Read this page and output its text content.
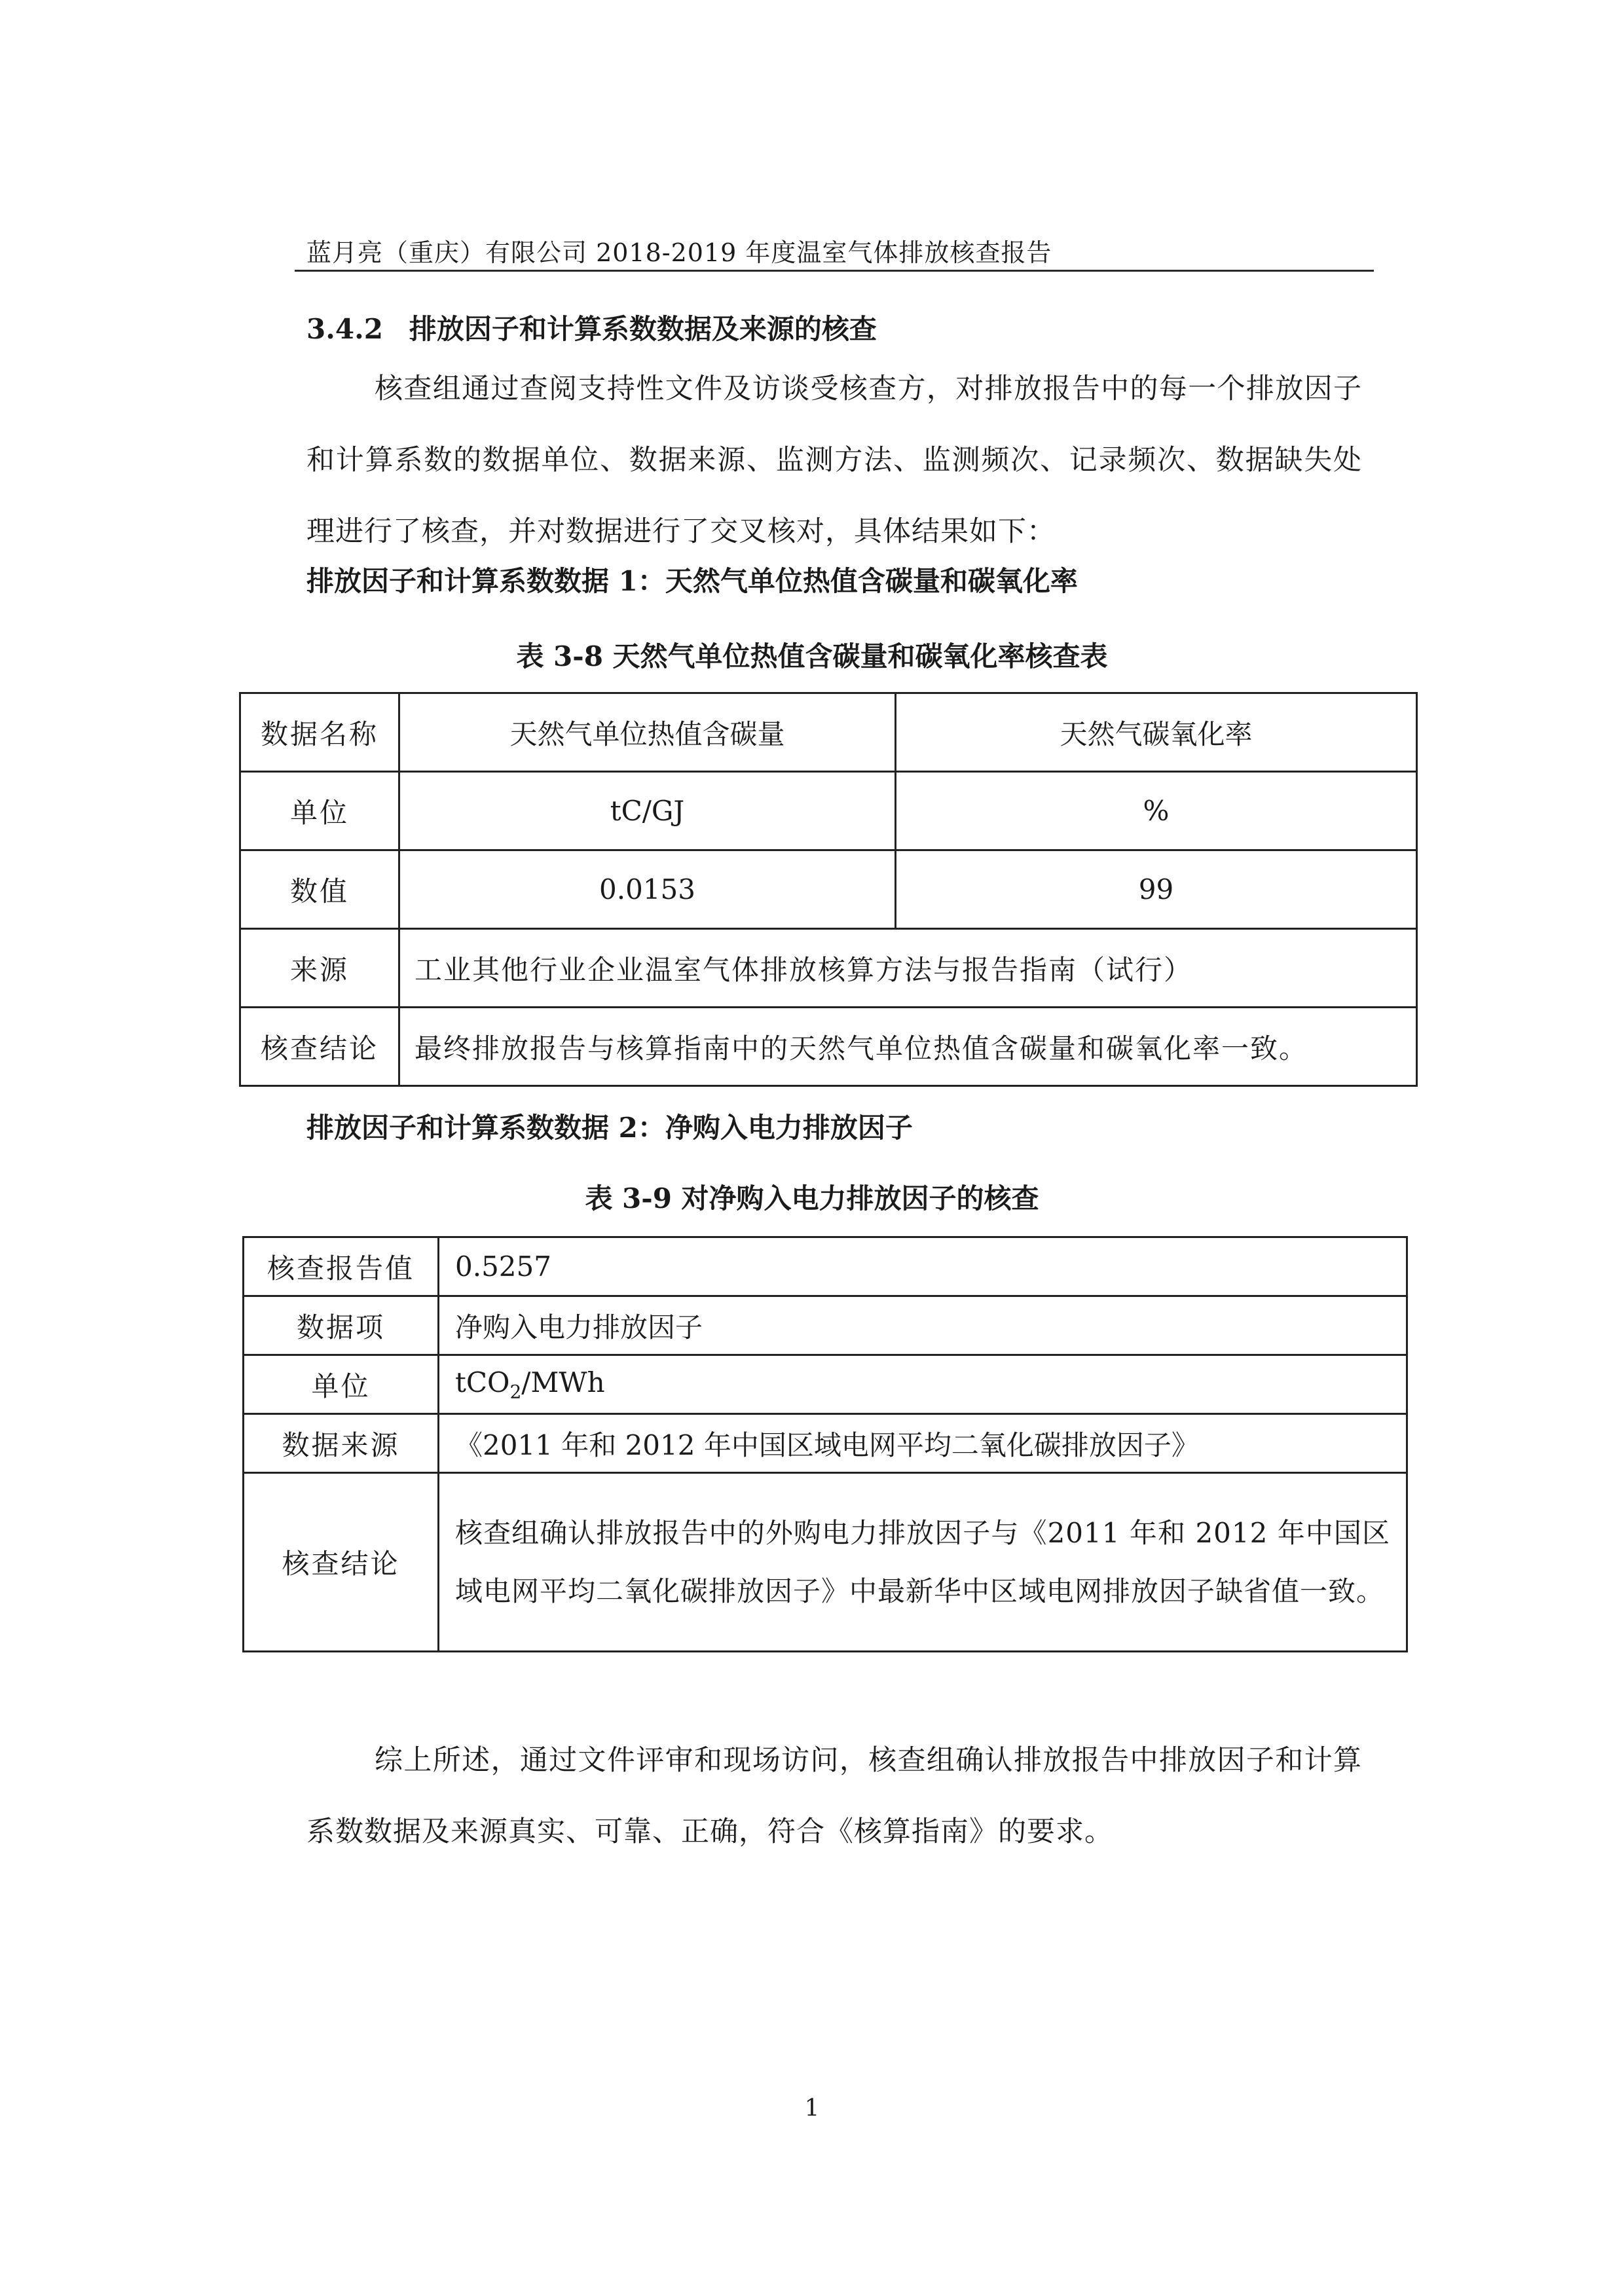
蓝月亮（重庆）有限公司 2018-2019 年度温室气体排放核查报告
3.4.2 排放因子和计算系数数据及来源的核查
核查组通过查阅支持性文件及访谈受核查方，对排放报告中的每一个排放因子和计算系数的数据单位、数据来源、监测方法、监测频次、记录频次、数据缺失处理进行了核查，并对数据进行了交叉核对，具体结果如下：
排放因子和计算系数数据 1：天然气单位热值含碳量和碳氧化率
表 3-8 天然气单位热值含碳量和碳氧化率核查表
数据名称	天然气单位热值含碳量	天然气碳氧化率
单位	tC/GJ	%
数值	0.0153	99
来源	工业其他行业企业温室气体排放核算方法与报告指南（试行）	
核查结论	最终排放报告与核算指南中的天然气单位热值含碳量和碳氧化率一致。	
排放因子和计算系数数据 2：净购入电力排放因子
表 3-9 对净购入电力排放因子的核查
核查报告值	0.5257
数据项	净购入电力排放因子
单位	tCO$_2$/MWh
数据来源	《2011 年和 2012 年中国区域电网平均二氧化碳排放因子》
核查结论	核查组确认排放报告中的外购电力排放因子与《2011 年和 2012 年中国区域电网平均二氧化碳排放因子》中最新华中区域电网排放因子缺省值一致。
综上所述，通过文件评审和现场访问，核查组确认排放报告中排放因子和计算系数数据及来源真实、可靠、正确，符合《核算指南》的要求。
1
